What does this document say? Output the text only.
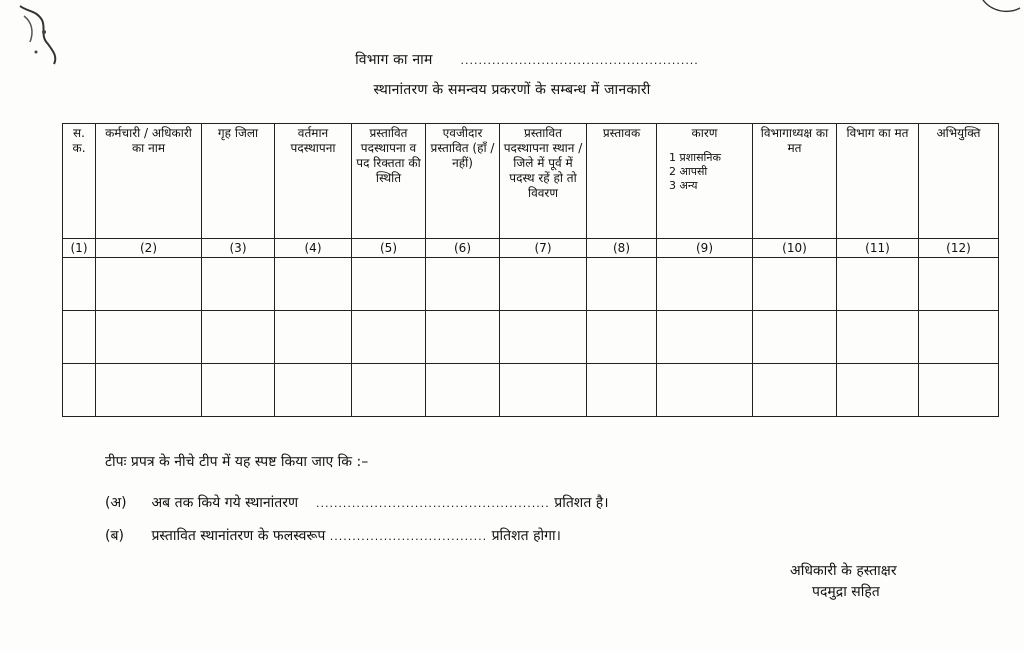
विभाग का नाम	.....................................................
स्थानांतरण के समन्वय प्रकरणों के सम्बन्ध में जानकारी
स. क.	कर्मचारी / अधिकारी का नाम	गृह जिला	वर्तमान पदस्थापना	प्रस्तावित पदस्थापना व पद रिक्तता की स्थिति	एवजीदार प्रस्तावित (हाँ / नहीं)	प्रस्तावित पदस्थापना स्थान / जिले में पूर्व में पदस्थ रहें हो तो विवरण	प्रस्तावक	कारण
1 प्रशासनिक
2 आपसी
3 अन्य	विभागाध्यक्ष का मत	विभाग का मत	अभियुक्ति
(1)	(2)	(3)	(4)	(5)	(6)	(7)	(8)	(9)	(10)	(11)	(12)

टीपः प्रपत्र के नीचे टीप में यह स्पष्ट किया जाए कि :–
(अ) अब तक किये गये स्थानांतरण .................................................... प्रतिशत है।
(ब) प्रस्तावित स्थानांतरण के फलस्वरूप ................................... प्रतिशत होगा।
अधिकारी के हस्ताक्षर
पदमुद्रा सहित
